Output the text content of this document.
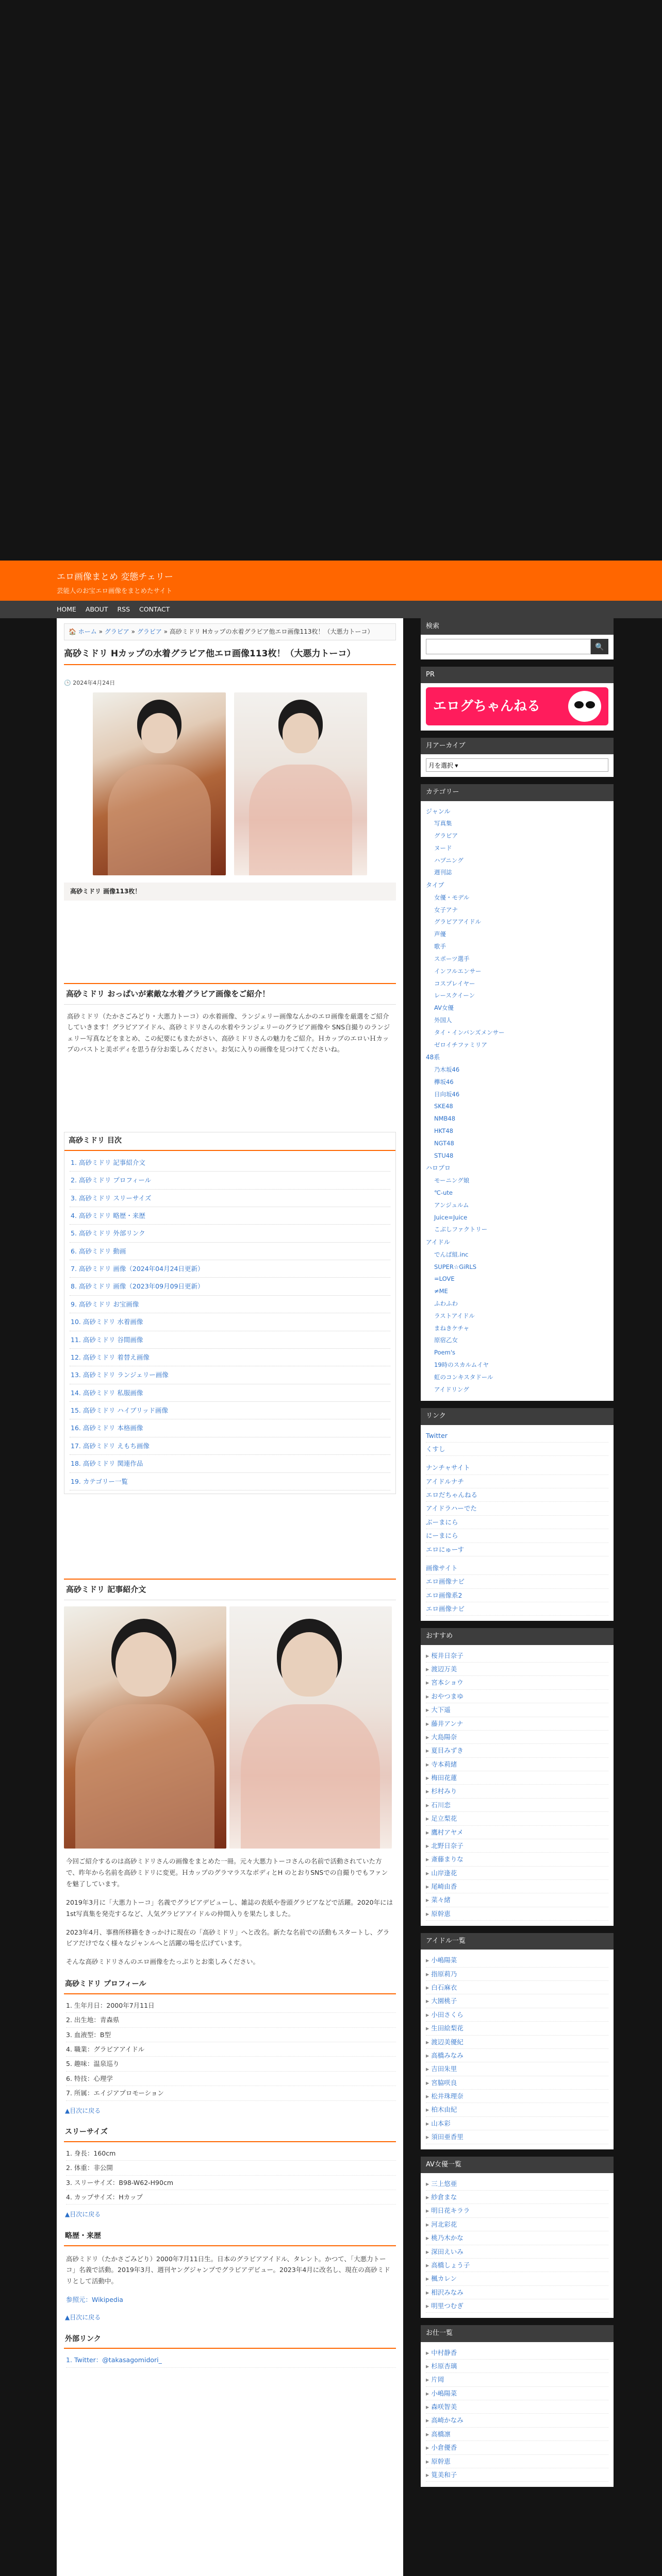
エロ画像まとめ 変態チェリー
芸能人のお宝エロ画像をまとめたサイト
HOME ABOUT RSS CONTACT
🏠 ホーム » グラビア » グラビア » 高砂ミドリ Hカップの水着グラビア他エロ画像113枚！（大悪力トーコ）
高砂ミドリ Hカップの水着グラビア他エロ画像113枚！（大悪力トーコ）
🕒 2024年4月24日
高砂ミドリ 画像113枚！
高砂ミドリ おっぱいが素敵な水着グラビア画像をご紹介！

高砂ミドリ（たかさごみどり・大悪力トーコ）の水着画像、ランジェリー画像なんかのエロ画像を厳選をご紹介していきます！グラビアアイドル、高砂ミドリさんの水着やランジェリーのグラビア画像や SNS自撮りのランジェリー写真などをまとめ、この紀要にもまたがさい、高砂ミドリさんの魅力をご紹介。ＨカップのエロいＨカップのバストと美ボディを思う存分お楽しみください。お気に入りの画像を見つけてくださいね。

高砂ミドリ 目次
1. 高砂ミドリ 記事紹介文
2. 高砂ミドリ プロフィール
3. 高砂ミドリ スリーサイズ
4. 高砂ミドリ 略歴・来歴
5. 高砂ミドリ 外部リンク
6. 高砂ミドリ 動画
7. 高砂ミドリ 画像（2024年04月24日更新）
8. 高砂ミドリ 画像（2023年09月09日更新）
9. 高砂ミドリ お宝画像
10. 高砂ミドリ 水着画像
11. 高砂ミドリ 谷間画像
12. 高砂ミドリ 着替え画像
13. 高砂ミドリ ランジェリー画像
14. 高砂ミドリ 私服画像
15. 高砂ミドリ ハイブリッド画像
16. 高砂ミドリ 本格画像
17. 高砂ミドリ えもち画像
18. 高砂ミドリ 関連作品
19. カテゴリー一覧
高砂ミドリ 記事紹介文

今回ご紹介するのは高砂ミドリさんの画像をまとめた一冊。元々大悪力トーコさんの名前で活動されていた方で、昨年から名前を高砂ミドリに変更。ＨカップのグラマラスなボディとH のとおりSNSでの自撮りでもファンを魅了しています。

2019年3月に「大悪力トーコ」名義でグラビアデビューし、雑誌の表紙や巻頭グラビアなどで活躍。2020年には1st写真集を発売するなど、人気グラビアアイドルの仲間入りを果たしました。

2023年4月、事務所移籍をきっかけに現在の「高砂ミドリ」へと改名。新たな名前での活動もスタートし、グラビアだけでなく様々なジャンルへと活躍の場を広げています。

そんな高砂ミドリさんのエロ画像をたっぷりとお楽しみください。

高砂ミドリ プロフィール
1. 生年月日：2000年7月11日
2. 出生地：青森県
3. 血液型：B型
4. 職業：グラビアアイドル
5. 趣味：温泉巡り
6. 特技：心理学
7. 所属：エイジアプロモーション
▲目次に戻る
スリーサイズ
1. 身長：160cm
2. 体重：非公開
3. スリーサイズ：B98-W62-H90cm
4. カップサイズ：Hカップ
▲目次に戻る
略歴・来歴

高砂ミドリ（たかさごみどり）2000年7月11日生。日本のグラビアアイドル、タレント。かつて、「大悪力トーコ」名義で活動。2019年3月、週刊ヤングジャンプでグラビアデビュー。2023年4月に改名し、現在の高砂ミドリとして活動中。

参照元：Wikipedia

▲目次に戻る
外部リンク
1. Twitter：@takasagomidori_
検索
🔍
PR
エログちゃんねる
月アーカイブ
月を選択 ▾
カテゴリー
ジャンル
写真集
グラビア
ヌード
ハプニング
週刊誌
タイプ
女優・モデル
女子アナ
グラビアアイドル
声優
歌手
スポーツ選手
インフルエンサー
コスプレイヤー
レースクイーン
AV女優
外国人
タイ・インバンズメンサー
ゼロイチファミリア
48系
乃木坂46
欅坂46
日向坂46
SKE48
NMB48
HKT48
NGT48
STU48
ハロプロ
モーニング娘
℃-ute
アンジュルム
Juice=Juice
こぶしファクトリー
アイドル
でんぱ組.inc
SUPER☆GiRLS
=LOVE
≠ME
ふわふわ
ラストアイドル
まねきケチャ
原宿乙女
Poem's
19時のスカルムイヤ
虹のコンキスタドール
アイドリング
リンク
Twitter
くすし
ナンチャサイト
アイドルナチ
エロだちゃんねる
アイドラハーでた
ぶーまにら
にーまにら
エロにゅーす
画像サイト
エロ画像ナビ
エロ画像系2
エロ画像ナビ
おすすめ
▸ 桜井日奈子
▸ 渡辺万美
▸ 宮本ショウ
▸ おやつまゆ
▸ 大下遥
▸ 藤井アンナ
▸ 大島陽奈
▸ 夏目みずき
▸ 寺本莉緒
▸ 梅田花蓮
▸ 杉村みり
▸ 石川恋
▸ 足立梨花
▸ 鷹村アヤメ
▸ 北野日奈子
▸ 斎藤まりな
▸ 山岸逢花
▸ 尾崎由香
▸ 菜々緒
▸ 原幹恵
アイドル一覧
▸ 小嶋陽菜
▸ 指原莉乃
▸ 白石麻衣
▸ 大園桃子
▸ 小田さくら
▸ 生田絵梨花
▸ 渡辺美優紀
▸ 高橋みなみ
▸ 吉田朱里
▸ 宮脇咲良
▸ 松井珠理奈
▸ 柏木由紀
▸ 山本彩
▸ 須田亜香里
AV女優一覧
▸ 三上悠亜
▸ 紗倉まな
▸ 明日花キララ
▸ 河北彩花
▸ 桃乃木かな
▸ 深田えいみ
▸ 高橋しょう子
▸ 楓カレン
▸ 相沢みなみ
▸ 明里つむぎ
お仕一覧
▸ 中村静香
▸ 杉原杏璃
▸ 片岡
▸ 小嶋陽菜
▸ 森咲智美
▸ 高崎かなみ
▸ 高橋凛
▸ 小倉優香
▸ 原幹恵
▸ 筧美和子
